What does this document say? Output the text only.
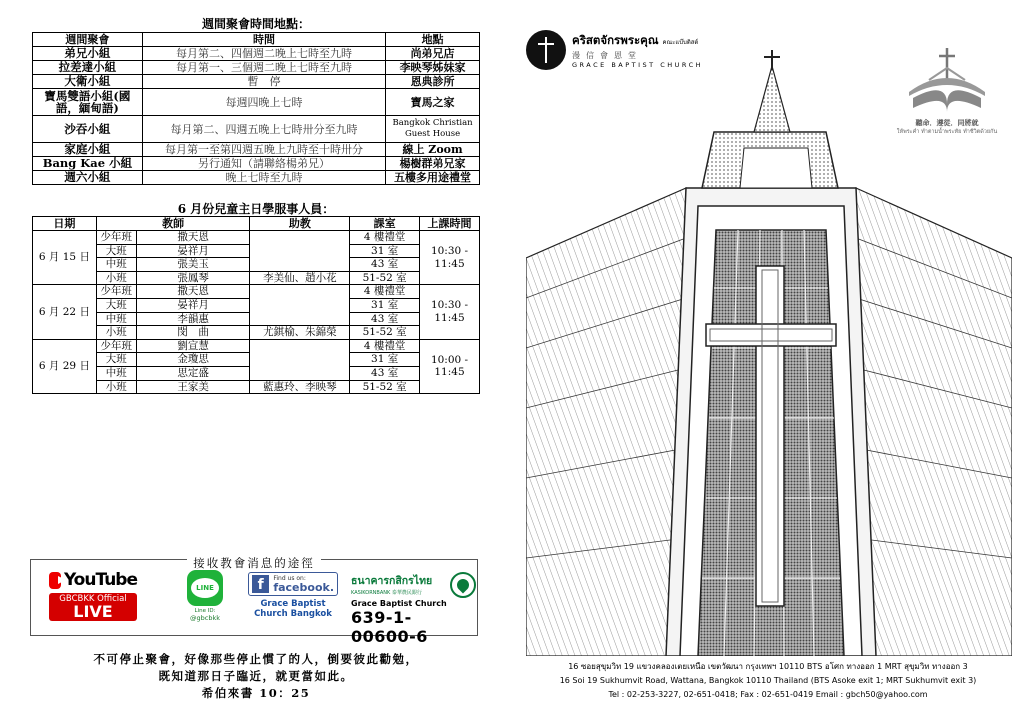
週間聚會時間地點：
週間聚會	時間	地點
弟兄小組	每月第二、四個週二晚上七時至九時	尚弟兄店
拉差達小組	每月第一、三個週二晚上七時至九時	李映琴姊妹家
大衛小組	暫　停	恩典診所
寶馬雙語小組(國語，緬甸語)	每週四晚上七時	寶馬之家
沙吞小組	每月第二、四週五晚上七時卅分至九時	Bangkok Christian Guest House
家庭小組	每月第一至第四週五晚上九時至十時卅分	線上 Zoom
Bang Kae 小組	另行通知（請聯絡楊弟兄）	楊樹群弟兄家
週六小組	晚上七時至九時	五樓多用途禮堂
6 月份兒童主日學服事人員：
日期	教師		助教	課室	上課時間
6 月 15 日	少年班	撒天恩		4 樓禮堂	10:30 - 11:45
	大班	晏祥月		31 室	
	中班	張美玉		43 室	
	小班	張鳳琴	李美仙、趙小花	51-52 室	
6 月 22 日	少年班	撒天恩		4 樓禮堂	10:30 - 11:45
	大班	晏祥月		31 室	
	中班	李韻惠		43 室	
	小班	閔　曲	尤錤榆、朱錦榮	51-52 室	
6 月 29 日	少年班	劉宣慧		4 樓禮堂	10:00 - 11:45
	大班	金瓊思		31 室	
	中班	思定盛		43 室	
	小班	王家美	藍惠玲、李映琴	51-52 室	
接收教會消息的途徑
YouTube
GBCBKK Official
LIVE
LINE
Line ID:
@gbcbkk
f	Find us on:
facebook.
Grace Baptist Church Bangkok
ธนาคารกสิกรไทย
KASIKORNBANK 泰華農民銀行
Grace Baptist Church
639-1-00600-6
不可停止聚會，好像那些停止慣了的人，倒要彼此勸勉，
既知道那日子臨近，就更當如此。
希伯來書 10：25
คริสตจักรพระคุณ คณะแบ๊บติสต์
漫信會恩堂
GRACE BAPTIST CHURCH
聽命．遵從．同將就
ให้พระคำ ทำตามน้ำพระทัย ทำชีวิตด้วยกัน
16 ซอยสุขุมวิท 19 แขวงคลองเตยเหนือ เขตวัฒนา กรุงเทพฯ 10110 BTS อโศก ทางออก 1 MRT สุขุมวิท ทางออก 3
16 Soi 19 Sukhumvit Road, Wattana, Bangkok 10110 Thailand (BTS Asoke exit 1; MRT Sukhumvit exit 3)
Tel : 02-253-3227, 02-651-0418; Fax : 02-651-0419 Email : gbch50@yahoo.com
